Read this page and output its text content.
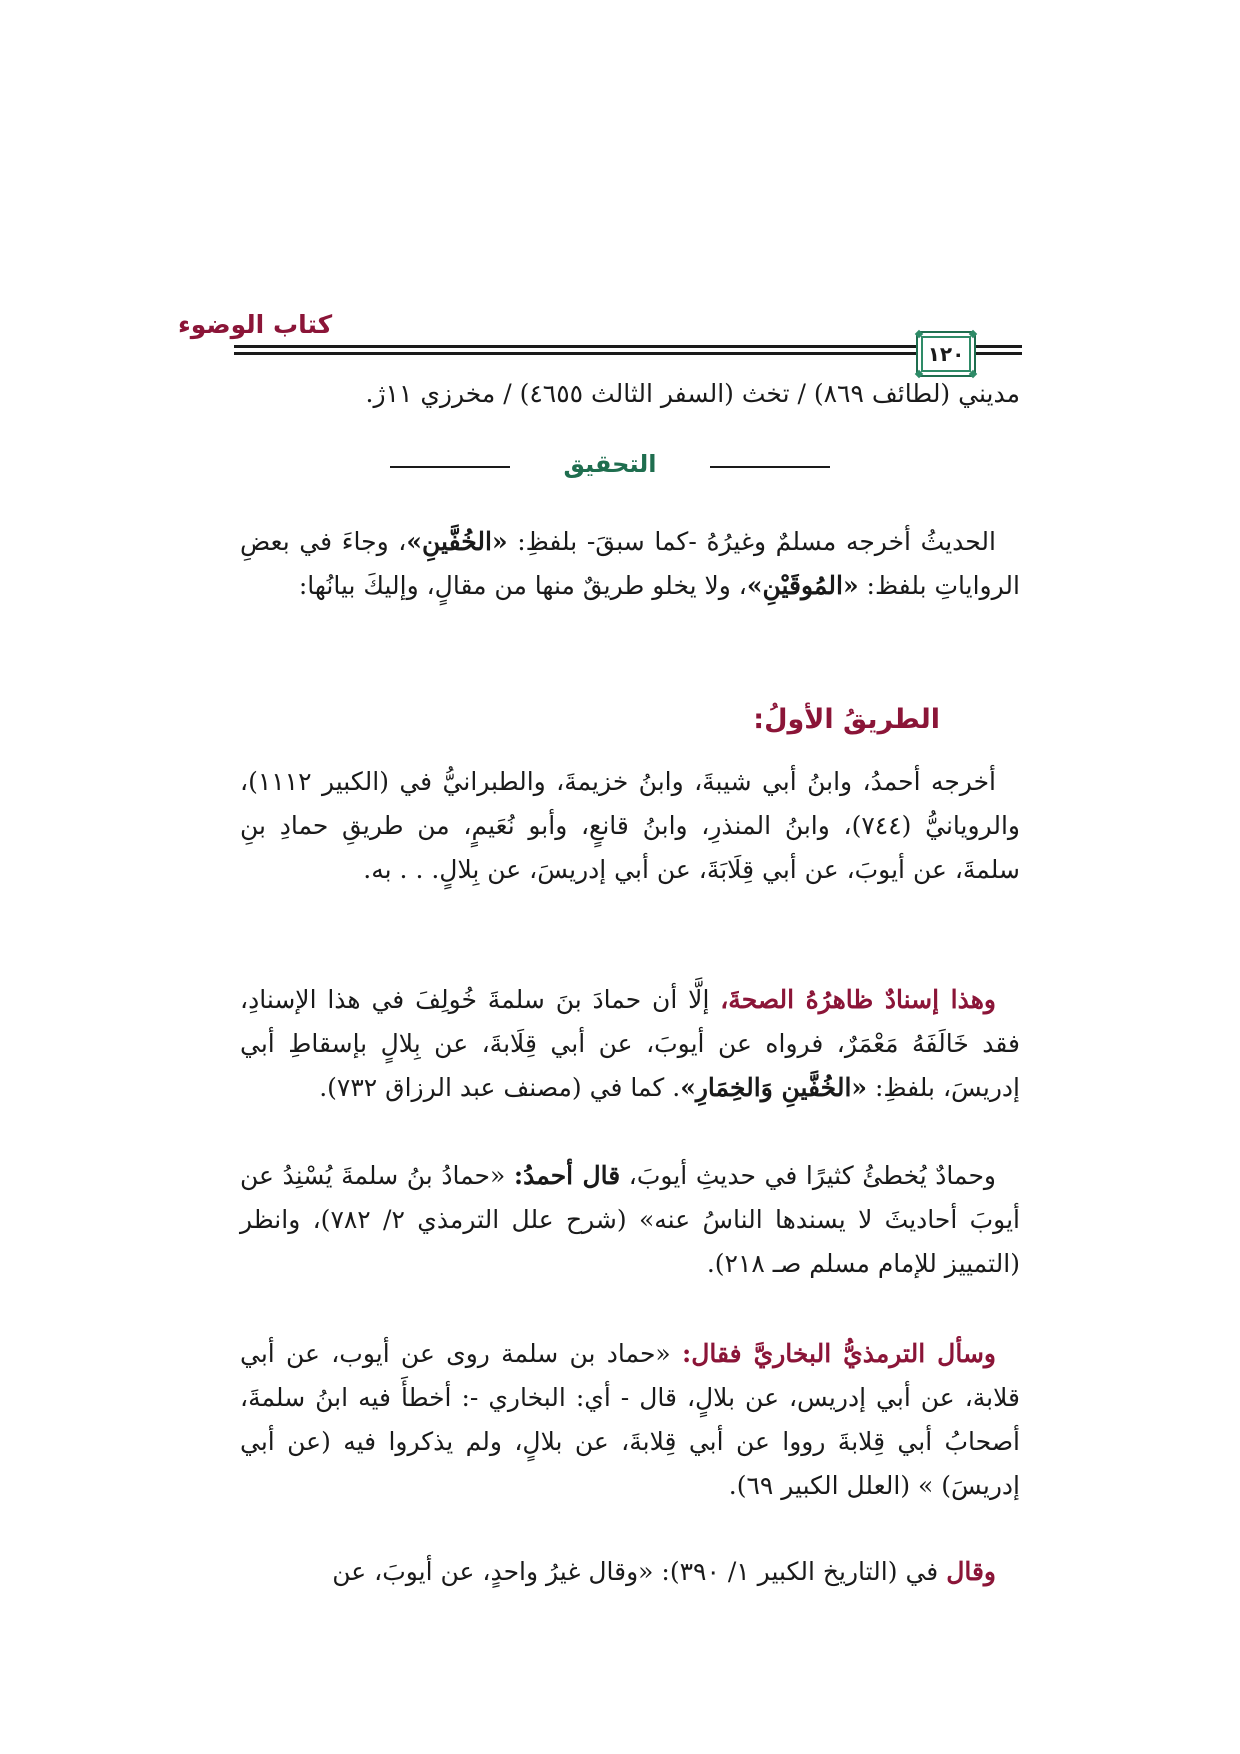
كتاب الوضوء
١٢٠
مديني (لطائف ٨٦٩) / تخث (السفر الثالث ٤٦٥٥) / مخرزي ١١ﮊ.
التحقيق
الحديثُ أخرجه مسلمٌ وغيرُهُ -كما سبقَ- بلفظِ: «الخُفَّينِ»، وجاءَ في بعضِ الرواياتِ بلفظ: «المُوقَيْنِ»، ولا يخلو طريقٌ منها من مقالٍ، وإليكَ بيانُها:
الطريقُ الأولُ:
أخرجه أحمدُ، وابنُ أبي شيبةَ، وابنُ خزيمةَ، والطبرانيُّ في (الكبير ١١١٢)، والرويانيُّ (٧٤٤)، وابنُ المنذرِ، وابنُ قانعٍ، وأبو نُعَيمٍ، من طريقِ حمادِ بنِ سلمةَ، عن أيوبَ، عن أبي قِلَابَةَ، عن أبي إدريسَ، عن بِلالٍ. . . به.
وهذا إسنادٌ ظاهرُهُ الصحةَ، إلَّا أن حمادَ بنَ سلمةَ خُولِفَ في هذا الإسنادِ، فقد خَالَفَهُ مَعْمَرٌ، فرواه عن أيوبَ، عن أبي قِلَابةَ، عن بِلالٍ بإسقاطِ أبي إدريسَ، بلفظِ: «الخُفَّينِ وَالخِمَارِ». كما في (مصنف عبد الرزاق ٧٣٢).
وحمادٌ يُخطئُ كثيرًا في حديثِ أيوبَ، قال أحمدُ: «حمادُ بنُ سلمةَ يُسْنِدُ عن أيوبَ أحاديثَ لا يسندها الناسُ عنه» (شرح علل الترمذي ٢/ ٧٨٢)، وانظر (التمييز للإمام مسلم صـ ٢١٨).
وسأل الترمذيُّ البخاريَّ فقال: «حماد بن سلمة روى عن أيوب، عن أبي قلابة، عن أبي إدريس، عن بلالٍ، قال - أي: البخاري -: أخطأَ فيه ابنُ سلمةَ، أصحابُ أبي قِلابةَ رووا عن أبي قِلابةَ، عن بلالٍ، ولم يذكروا فيه (عن أبي إدريسَ) » (العلل الكبير ٦٩).
وقال في (التاريخ الكبير ١/ ٣٩٠): «وقال غيرُ واحدٍ، عن أيوبَ، عن
